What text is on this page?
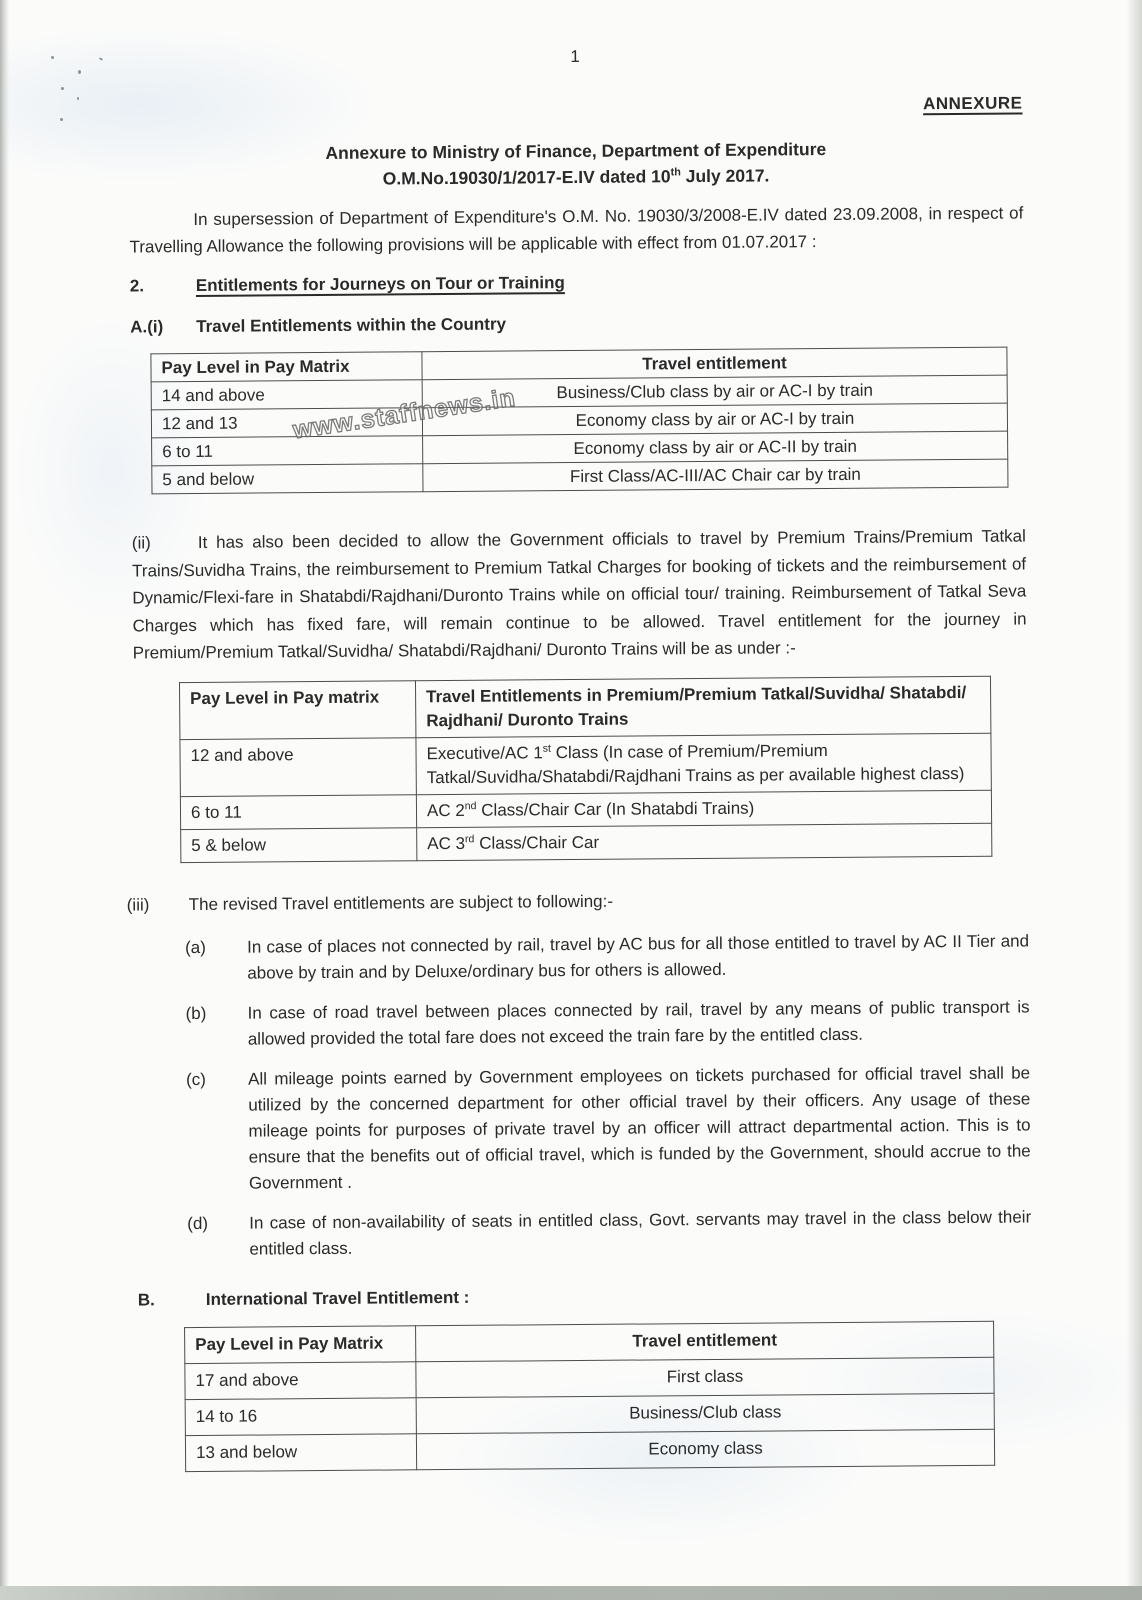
1
ANNEXURE
Annexure to Ministry of Finance, Department of Expenditure
O.M.No.19030/1/2017-E.IV dated 10th July 2017.

In supersession of Department of Expenditure's O.M. No. 19030/3/2008-E.IV dated 23.09.2008, in respect of Travelling Allowance the following provisions will be applicable with effect from 01.07.2017 :

2.	Entitlements for Journeys on Tour or Training
A.(i) Travel Entitlements within the Country
Pay Level in Pay Matrix	Travel entitlement
14 and above	Business/Club class by air or AC-I by train
12 and 13	Economy class by air or AC-I by train
6 to 11	Economy class by air or AC-II by train
5 and below	First Class/AC-III/AC Chair car by train

(ii)	It has also been decided to allow the Government officials to travel by Premium Trains/Premium Tatkal Trains/Suvidha Trains, the reimbursement to Premium Tatkal Charges for booking of tickets and the reimbursement of Dynamic/Flexi-fare in Shatabdi/Rajdhani/Duronto Trains while on official tour/ training. Reimbursement of Tatkal Seva Charges which has fixed fare, will remain continue to be allowed. Travel entitlement for the journey in Premium/Premium Tatkal/Suvidha/ Shatabdi/Rajdhani/ Duronto Trains will be as under :-

Pay Level in Pay matrix	Travel Entitlements in Premium/Premium Tatkal/Suvidha/ Shatabdi/ Rajdhani/ Duronto Trains
12 and above	Executive/AC 1st Class (In case of Premium/Premium Tatkal/Suvidha/Shatabdi/Rajdhani Trains as per available highest class)
6 to 11	AC 2nd Class/Chair Car (In Shatabdi Trains)
5 & below	AC 3rd Class/Chair Car

(iii) The revised Travel entitlements are subject to following:-

(a)	In case of places not connected by rail, travel by AC bus for all those entitled to travel by AC II Tier and above by train and by Deluxe/ordinary bus for others is allowed.
(b)	In case of road travel between places connected by rail, travel by any means of public transport is allowed provided the total fare does not exceed the train fare by the entitled class.
(c)	All mileage points earned by Government employees on tickets purchased for official travel shall be utilized by the concerned department for other official travel by their officers. Any usage of these mileage points for purposes of private travel by an officer will attract departmental action. This is to ensure that the benefits out of official travel, which is funded by the Government, should accrue to the Government .
(d)	In case of non-availability of seats in entitled class, Govt. servants may travel in the class below their entitled class.
B.	International Travel Entitlement :
Pay Level in Pay Matrix	Travel entitlement
17 and above	First class
14 to 16	Business/Club class
13 and below	Economy class
www.staffnews.in
